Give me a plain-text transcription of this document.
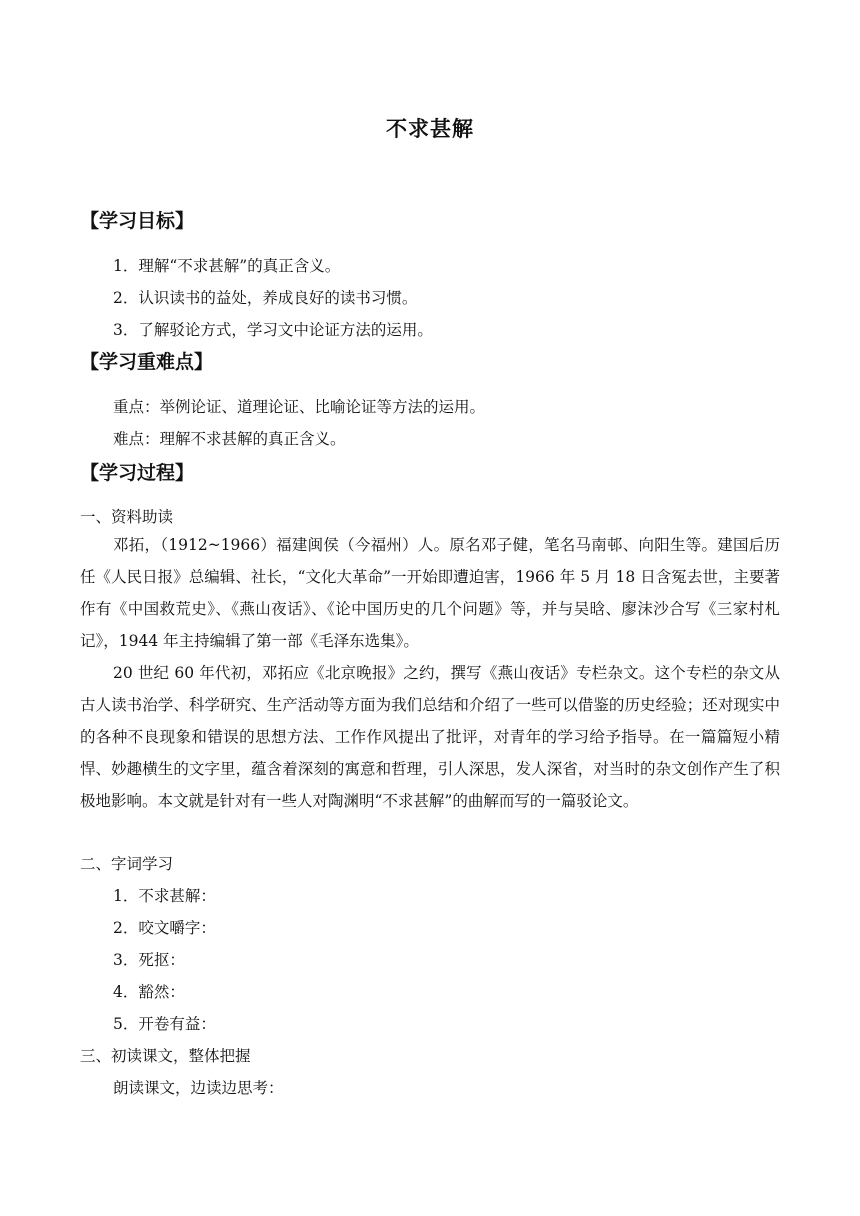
不求甚解
【学习目标】
1．理解“不求甚解”的真正含义。
2．认识读书的益处，养成良好的读书习惯。
3．了解驳论方式，学习文中论证方法的运用。
【学习重难点】
重点：举例论证、道理论证、比喻论证等方法的运用。
难点：理解不求甚解的真正含义。
【学习过程】
一、资料助读

邓拓，（1912~1966）福建闽侯（今福州）人。原名邓子健，笔名马南邨、向阳生等。建国后历任《人民日报》总编辑、社长，“文化大革命”一开始即遭迫害，1966 年 5 月 18 日含冤去世，主要著作有《中国救荒史》、《燕山夜话》、《论中国历史的几个问题》等，并与吴晗、廖沫沙合写《三家村札记》，1944 年主持编辑了第一部《毛泽东选集》。

20 世纪 60 年代初，邓拓应《北京晚报》之约，撰写《燕山夜话》专栏杂文。这个专栏的杂文从古人读书治学、科学研究、生产活动等方面为我们总结和介绍了一些可以借鉴的历史经验；还对现实中的各种不良现象和错误的思想方法、工作作风提出了批评，对青年的学习给予指导。在一篇篇短小精悍、妙趣横生的文字里，蕴含着深刻的寓意和哲理，引人深思，发人深省，对当时的杂文创作产生了积极地影响。本文就是针对有一些人对陶渊明“不求甚解”的曲解而写的一篇驳论文。

二、字词学习
1．不求甚解：
2．咬文嚼字：
3．死抠：
4．豁然：
5．开卷有益：
三、初读课文，整体把握
朗读课文，边读边思考：
